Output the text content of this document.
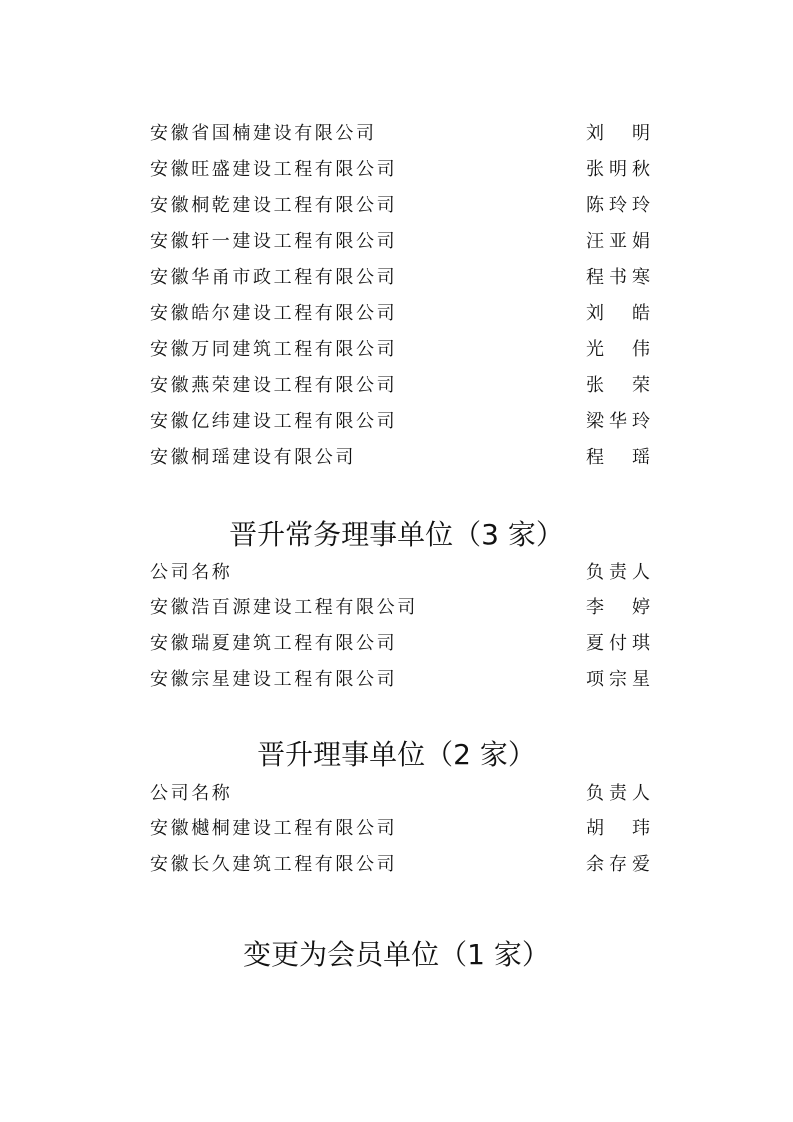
安徽省国楠建设有限公司	刘　明
安徽旺盛建设工程有限公司	张明秋
安徽桐乾建设工程有限公司	陈玲玲
安徽轩一建设工程有限公司	汪亚娟
安徽华甬市政工程有限公司	程书寒
安徽皓尔建设工程有限公司	刘　皓
安徽万同建筑工程有限公司	光　伟
安徽燕荣建设工程有限公司	张　荣
安徽亿纬建设工程有限公司	梁华玲
安徽桐瑶建设有限公司	程　瑶
晋升常务理事单位（3 家）
公司名称	负责人
安徽浩百源建设工程有限公司	李　婷
安徽瑞夏建筑工程有限公司	夏付琪
安徽宗星建设工程有限公司	项宗星
晋升理事单位（2 家）
公司名称	负责人
安徽樾桐建设工程有限公司	胡　玮
安徽长久建筑工程有限公司	余存爱
变更为会员单位（1 家）
